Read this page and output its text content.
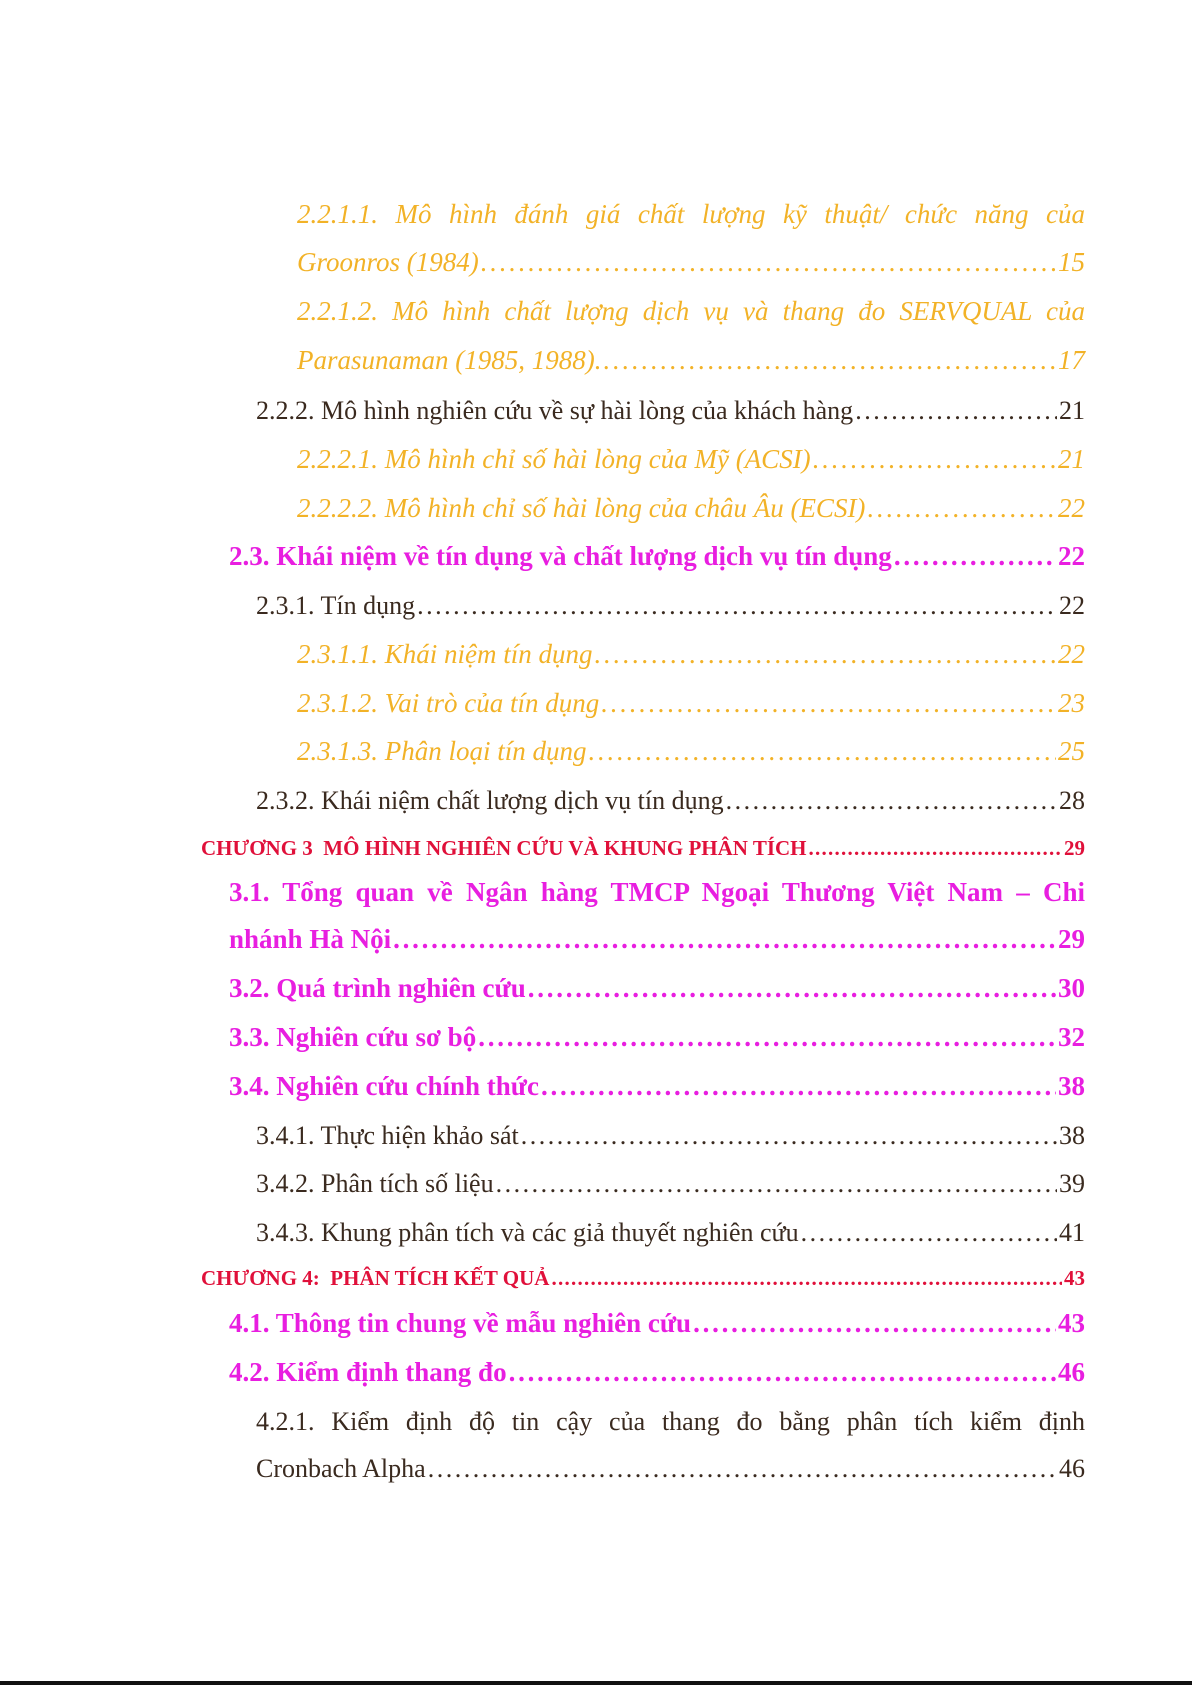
2.2.1.1. Mô hình đánh giá chất lượng kỹ thuật/ chức năng của
Groonros (1984) . . .	15
2.2.1.2. Mô hình chất lượng dịch vụ và thang đo SERVQUAL của
Parasunaman (1985, 1988). . . .	17
2.2.2. Mô hình nghiên cứu về sự hài lòng của khách hàng . . .	21
2.2.2.1. Mô hình chỉ số hài lòng của Mỹ (ACSI) . . .	21
2.2.2.2. Mô hình chỉ số hài lòng của châu Âu (ECSI) . . .	22
2.3. Khái niệm về tín dụng và chất lượng dịch vụ tín dụng . . .	22
2.3.1. Tín dụng . . .	22
2.3.1.1. Khái niệm tín dụng . . .	22
2.3.1.2. Vai trò của tín dụng . . .	23
2.3.1.3. Phân loại tín dụng . . .	25
2.3.2. Khái niệm chất lượng dịch vụ tín dụng . . .	28
CHƯƠNG 3  MÔ HÌNH NGHIÊN CỨU VÀ KHUNG PHÂN TÍCH . . .	29
3.1. Tổng quan về Ngân hàng TMCP Ngoại Thương Việt Nam – Chi
nhánh Hà Nội . . .	29
3.2. Quá trình nghiên cứu . . .	30
3.3. Nghiên cứu sơ bộ . . .	32
3.4. Nghiên cứu chính thức . . .	38
3.4.1. Thực hiện khảo sát . . .	38
3.4.2. Phân tích số liệu . . .	39
3.4.3. Khung phân tích và các giả thuyết nghiên cứu . . .	41
CHƯƠNG 4:  PHÂN TÍCH KẾT QUẢ . . .	43
4.1. Thông tin chung về mẫu nghiên cứu . . .	43
4.2. Kiểm định thang đo . . .	46
4.2.1. Kiểm định độ tin cậy của thang đo bằng phân tích kiểm định
Cronbach Alpha . . .	46
